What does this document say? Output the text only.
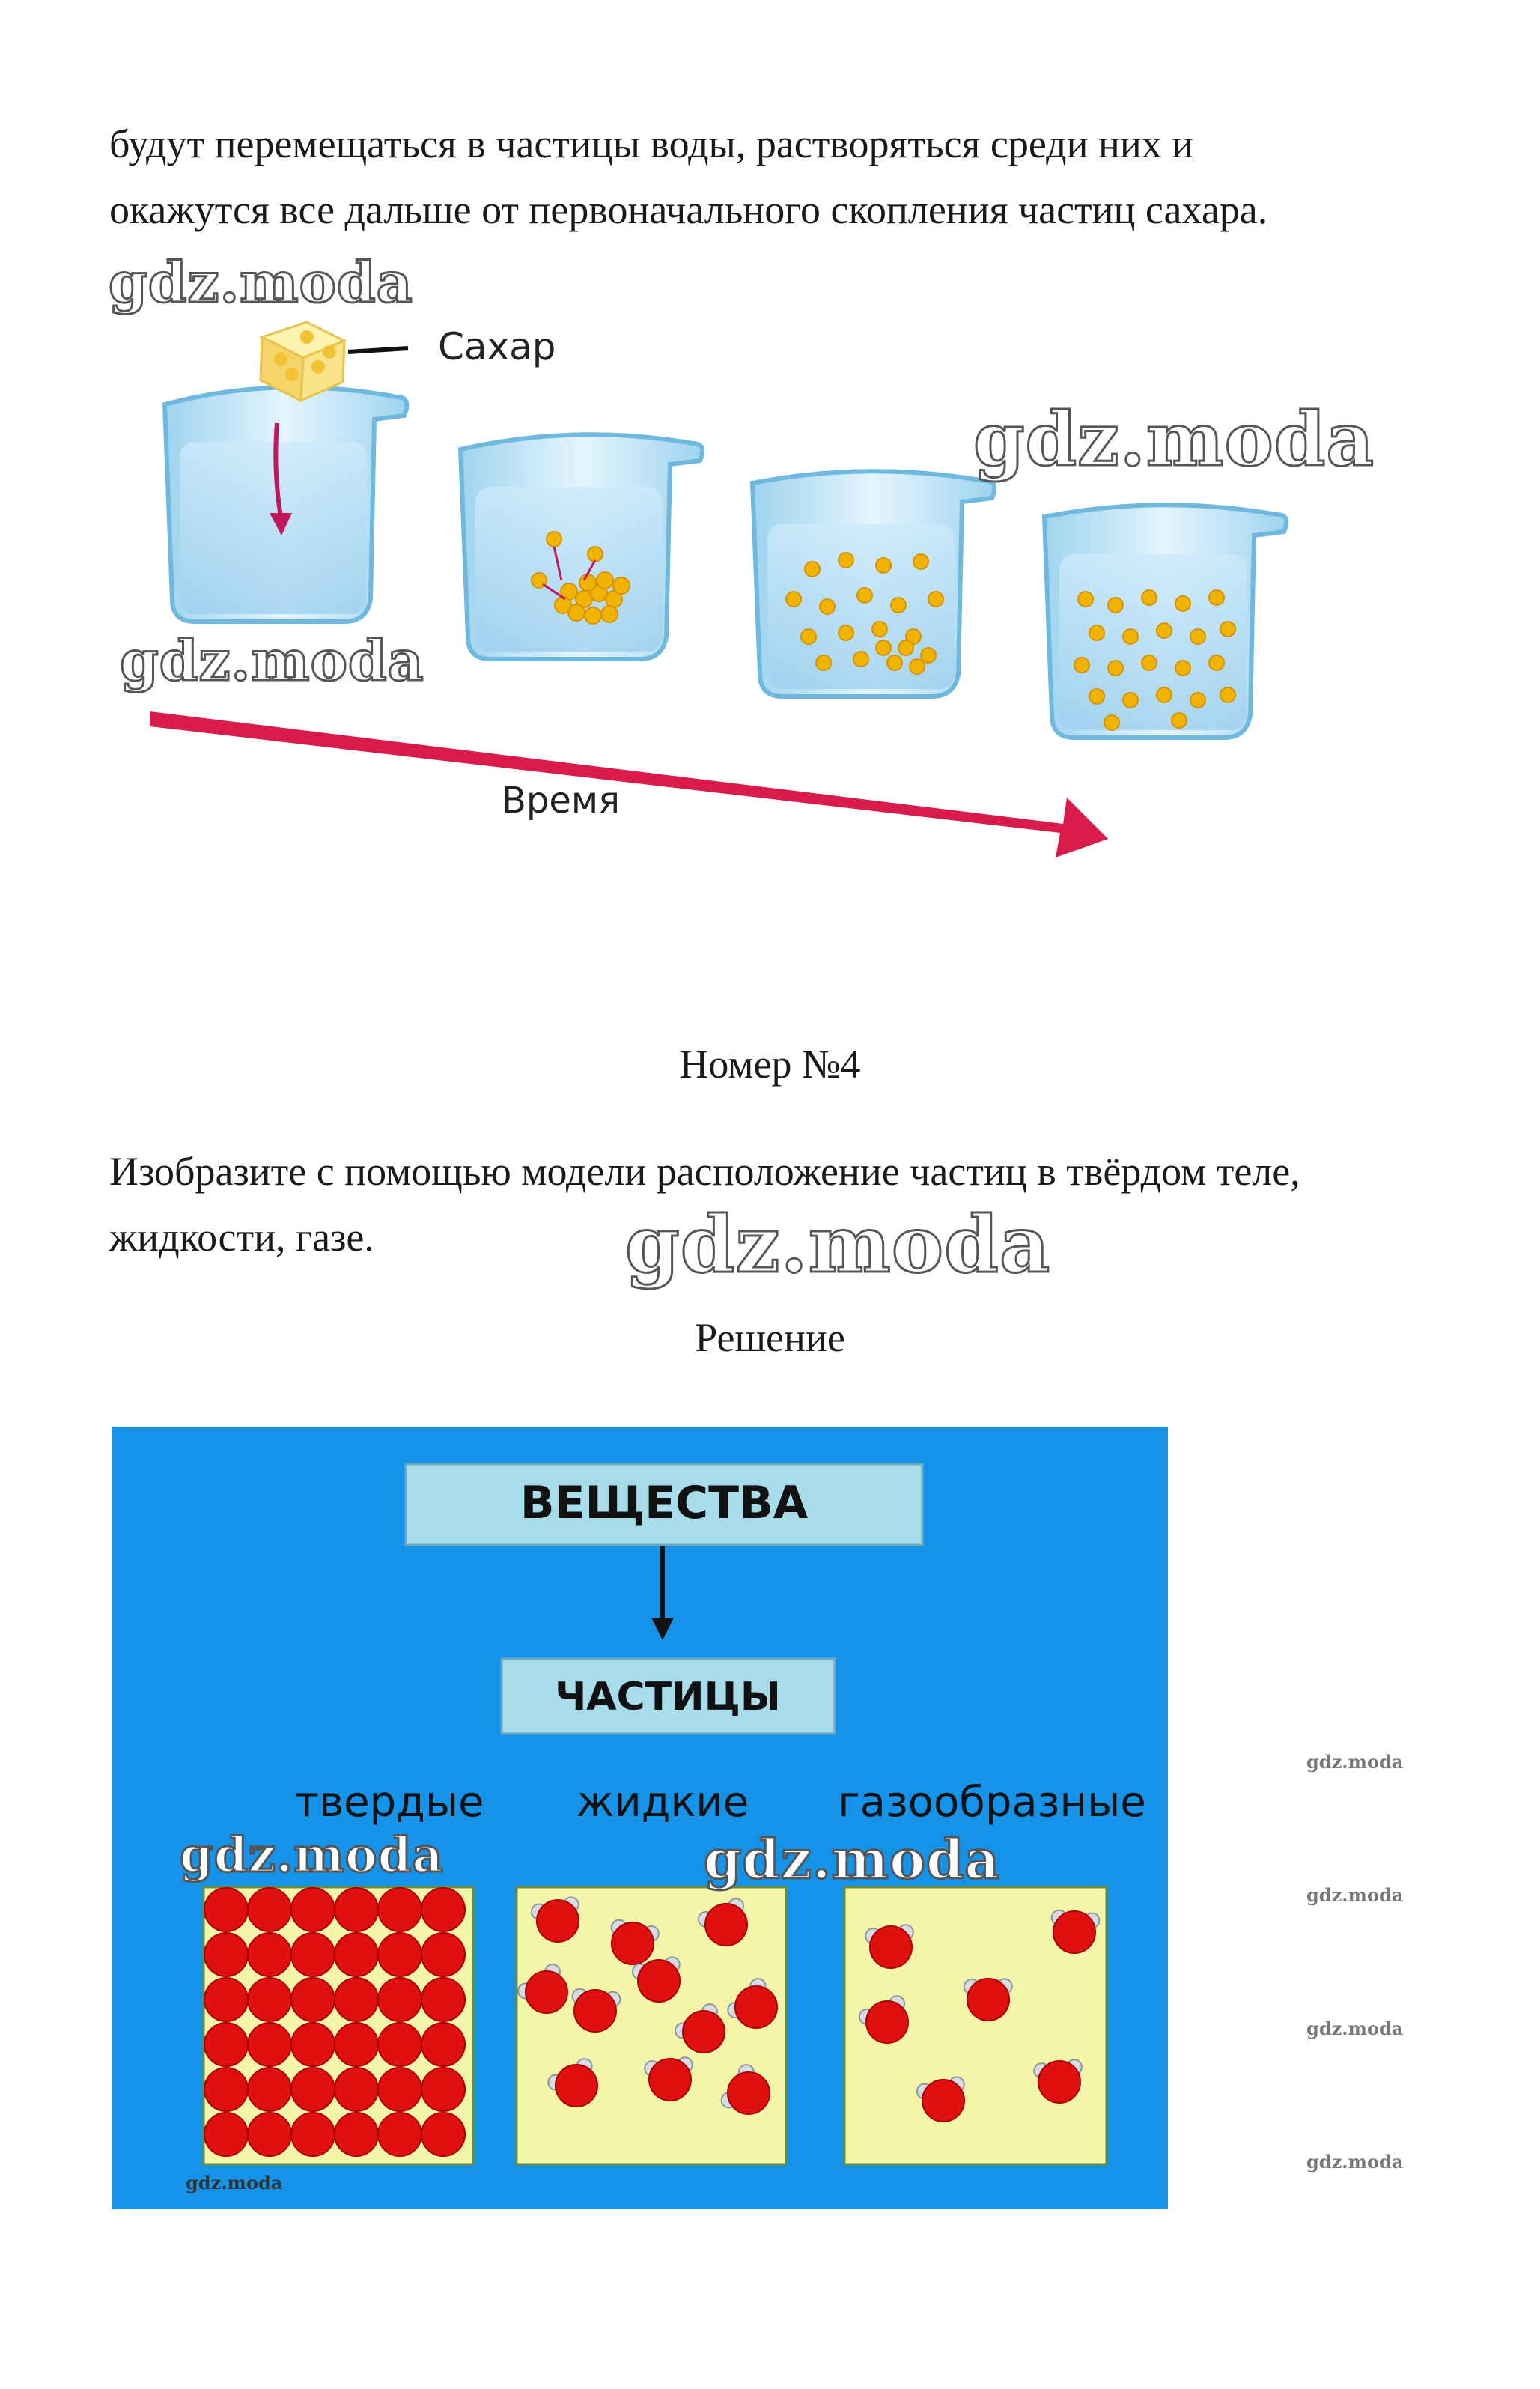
будут перемещаться в частицы воды, растворяться среди них и

окажутся все дальше от первоначального скопления частиц сахара.

Сахар
Время
gdz.moda
gdz.moda
gdz.moda

Номер №4

Изобразите с помощью модели расположение частиц в твёрдом теле,

жидкости, газе.	gdz.moda

Решение

ВЕЩЕСТВА
ЧАСТИЦЫ
твердые жидкие газообразные
gdz.moda	gdz.moda
gdz.moda
gdz.moda
gdz.moda
gdz.moda
gdz.moda
